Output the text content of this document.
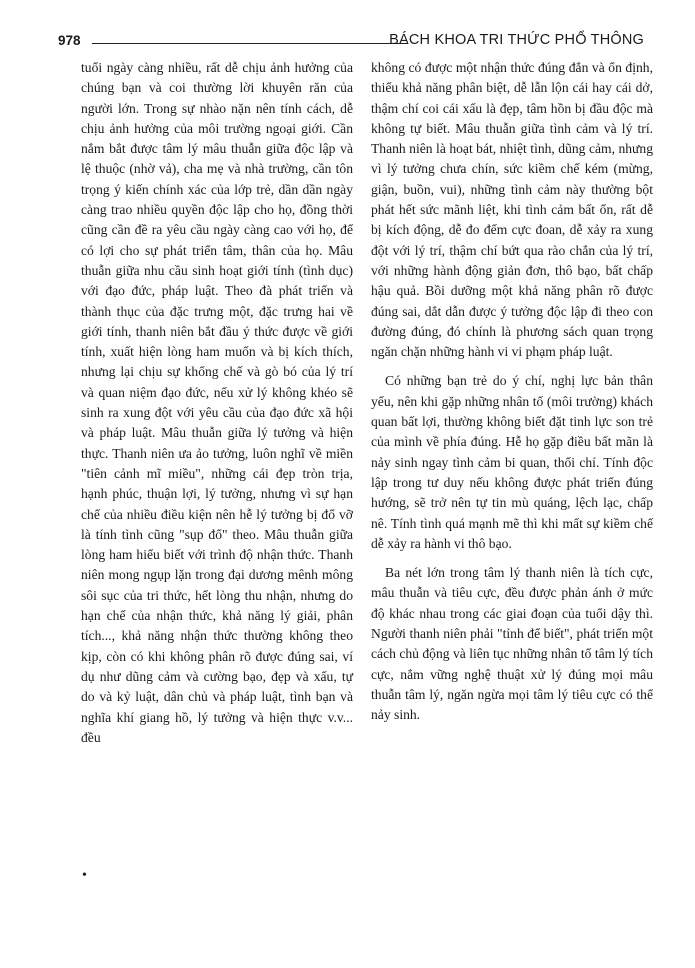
978	BÁCH KHOA TRI THỨC PHỔ THÔNG

tuổi ngày càng nhiều, rất dễ chịu ảnh hưởng của chúng bạn và coi thường lời khuyên răn của người lớn. Trong sự nhào nặn nên tính cách, dễ chịu ảnh hưởng của môi trường ngoại giới. Cần nắm bắt được tâm lý mâu thuẫn giữa độc lập và lệ thuộc (nhờ vả), cha mẹ và nhà trường, cần tôn trọng ý kiến chính xác của lớp trẻ, dần dần ngày càng trao nhiều quyền độc lập cho họ, đồng thời cũng cần đề ra yêu cầu ngày càng cao với họ, để có lợi cho sự phát triển tâm, thân của họ. Mâu thuẫn giữa nhu cầu sinh hoạt giới tính (tình dục) với đạo đức, pháp luật. Theo đà phát triển và thành thục của đặc trưng một, đặc trưng hai về giới tính, thanh niên bắt đầu ý thức được về giới tính, xuất hiện lòng ham muốn và bị kích thích, nhưng lại chịu sự khống chế và gò bó của lý trí và quan niệm đạo đức, nếu xử lý không khéo sẽ sinh ra xung đột với yêu cầu của đạo đức xã hội và pháp luật. Mâu thuẫn giữa lý tưởng và hiện thực. Thanh niên ưa ảo tưởng, luôn nghĩ về miền "tiên cảnh mĩ miều", những cái đẹp tròn trịa, hạnh phúc, thuận lợi, lý tưởng, nhưng vì sự hạn chế của nhiều điều kiện nên hễ lý tưởng bị đổ vỡ là tính tình cũng "sụp đổ" theo. Mâu thuẫn giữa lòng ham hiểu biết với trình độ nhận thức. Thanh niên mong ngụp lặn trong đại dương mênh mông sôi sục của tri thức, hết lòng thu nhận, nhưng do hạn chế của nhận thức, khả năng lý giải, phân tích..., khả năng nhận thức thường không theo kịp, còn có khi không phân rõ được đúng sai, ví dụ như dũng cảm và cường bạo, đẹp và xấu, tự do và kỷ luật, dân chủ và pháp luật, tình bạn và nghĩa khí giang hồ, lý tưởng và hiện thực v.v... đều

không có được một nhận thức đúng đắn và ổn định, thiếu khả năng phân biệt, dễ lẫn lộn cái hay cái dở, thậm chí coi cái xấu là đẹp, tâm hồn bị đầu độc mà không tự biết. Mâu thuẫn giữa tình cảm và lý trí. Thanh niên là hoạt bát, nhiệt tình, dũng cảm, nhưng vì lý tưởng chưa chín, sức kiềm chế kém (mừng, giận, buồn, vui), những tình cảm này thường bột phát hết sức mãnh liệt, khi tình cảm bất ổn, rất dễ bị kích động, dễ đo đếm cực đoan, dễ xảy ra xung đột với lý trí, thậm chí bứt qua rào chắn của lý trí, với những hành động giản đơn, thô bạo, bất chấp hậu quả. Bồi dưỡng một khả năng phân rõ được đúng sai, dắt dẫn được ý tưởng độc lập đi theo con đường đúng, đó chính là phương sách quan trọng ngăn chặn những hành vi vi phạm pháp luật.

Có những bạn trẻ do ý chí, nghị lực bản thân yếu, nên khi gặp những nhân tố (môi trường) khách quan bất lợi, thường không biết đặt tinh lực son trẻ của mình về phía đúng. Hễ họ gặp điều bất mãn là nảy sinh ngay tình cảm bi quan, thối chí. Tính độc lập trong tư duy nếu không được phát triển đúng hướng, sẽ trở nên tự tin mù quáng, lệch lạc, chấp nê. Tính tình quá mạnh mẽ thì khi mất sự kiềm chế dễ xảy ra hành vi thô bạo.

Ba nét lớn trong tâm lý thanh niên là tích cực, mâu thuẫn và tiêu cực, đều được phản ánh ở mức độ khác nhau trong các giai đoạn của tuổi dậy thì. Người thanh niên phải "tỉnh để biết", phát triển một cách chủ động và liên tục những nhân tố tâm lý tích cực, nắm vững nghệ thuật xử lý đúng mọi mâu thuẫn tâm lý, ngăn ngừa mọi tâm lý tiêu cực có thể nảy sinh.

•
